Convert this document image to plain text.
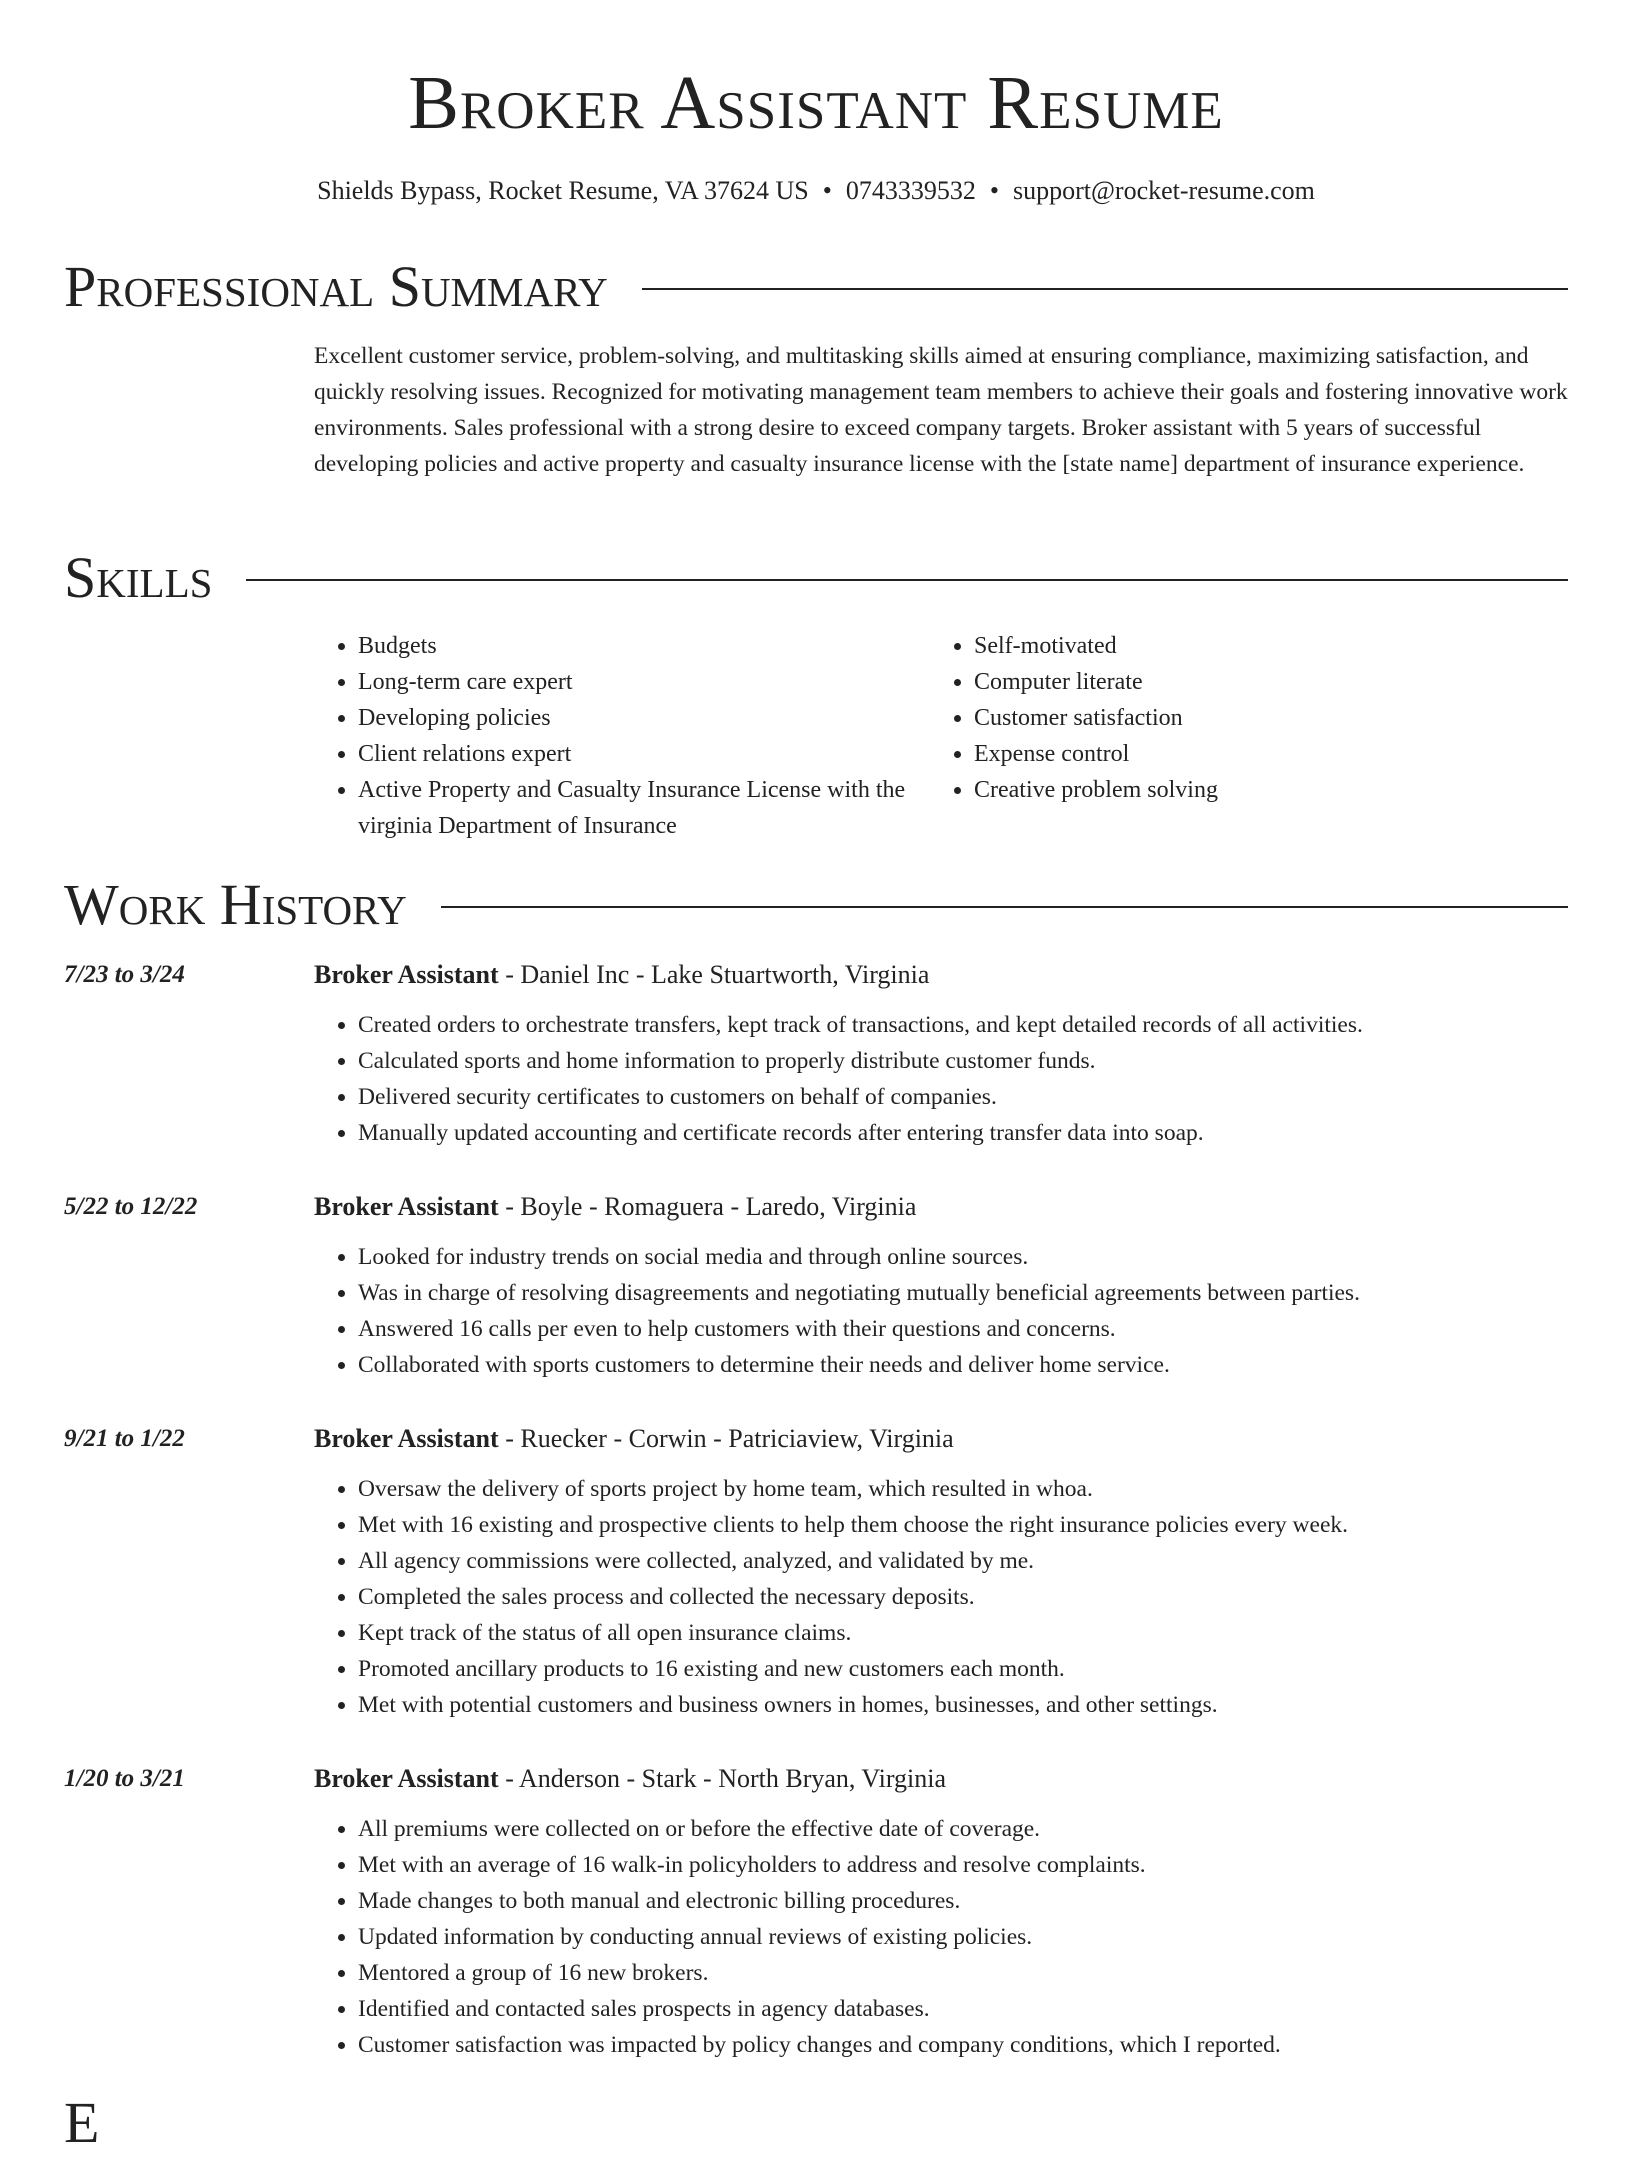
Broker Assistant Resume
Shields Bypass, Rocket Resume, VA 37624 US • 0743339532 • support@rocket-resume.com
Professional Summary

Excellent customer service, problem-solving, and multitasking skills aimed at ensuring compliance, maximizing satisfaction, and quickly resolving issues. Recognized for motivating management team members to achieve their goals and fostering innovative work environments. Sales professional with a strong desire to exceed company targets. Broker assistant with 5 years of successful developing policies and active property and casualty insurance license with the [state name] department of insurance experience.

Skills
• Budgets
• Long-term care expert
• Developing policies
• Client relations expert
• Active Property and Casualty Insurance License with the virginia Department of Insurance
• Self-motivated
• Computer literate
• Customer satisfaction
• Expense control
• Creative problem solving
Work History
7/23 to 3/24	Broker Assistant - Daniel Inc - Lake Stuartworth, Virginia
• Created orders to orchestrate transfers, kept track of transactions, and kept detailed records of all activities.
• Calculated sports and home information to properly distribute customer funds.
• Delivered security certificates to customers on behalf of companies.
• Manually updated accounting and certificate records after entering transfer data into soap.
5/22 to 12/22	Broker Assistant - Boyle - Romaguera - Laredo, Virginia
• Looked for industry trends on social media and through online sources.
• Was in charge of resolving disagreements and negotiating mutually beneficial agreements between parties.
• Answered 16 calls per even to help customers with their questions and concerns.
• Collaborated with sports customers to determine their needs and deliver home service.
9/21 to 1/22	Broker Assistant - Ruecker - Corwin - Patriciaview, Virginia
• Oversaw the delivery of sports project by home team, which resulted in whoa.
• Met with 16 existing and prospective clients to help them choose the right insurance policies every week.
• All agency commissions were collected, analyzed, and validated by me.
• Completed the sales process and collected the necessary deposits.
• Kept track of the status of all open insurance claims.
• Promoted ancillary products to 16 existing and new customers each month.
• Met with potential customers and business owners in homes, businesses, and other settings.
1/20 to 3/21	Broker Assistant - Anderson - Stark - North Bryan, Virginia
• All premiums were collected on or before the effective date of coverage.
• Met with an average of 16 walk-in policyholders to address and resolve complaints.
• Made changes to both manual and electronic billing procedures.
• Updated information by conducting annual reviews of existing policies.
• Mentored a group of 16 new brokers.
• Identified and contacted sales prospects in agency databases.
• Customer satisfaction was impacted by policy changes and company conditions, which I reported.
E
